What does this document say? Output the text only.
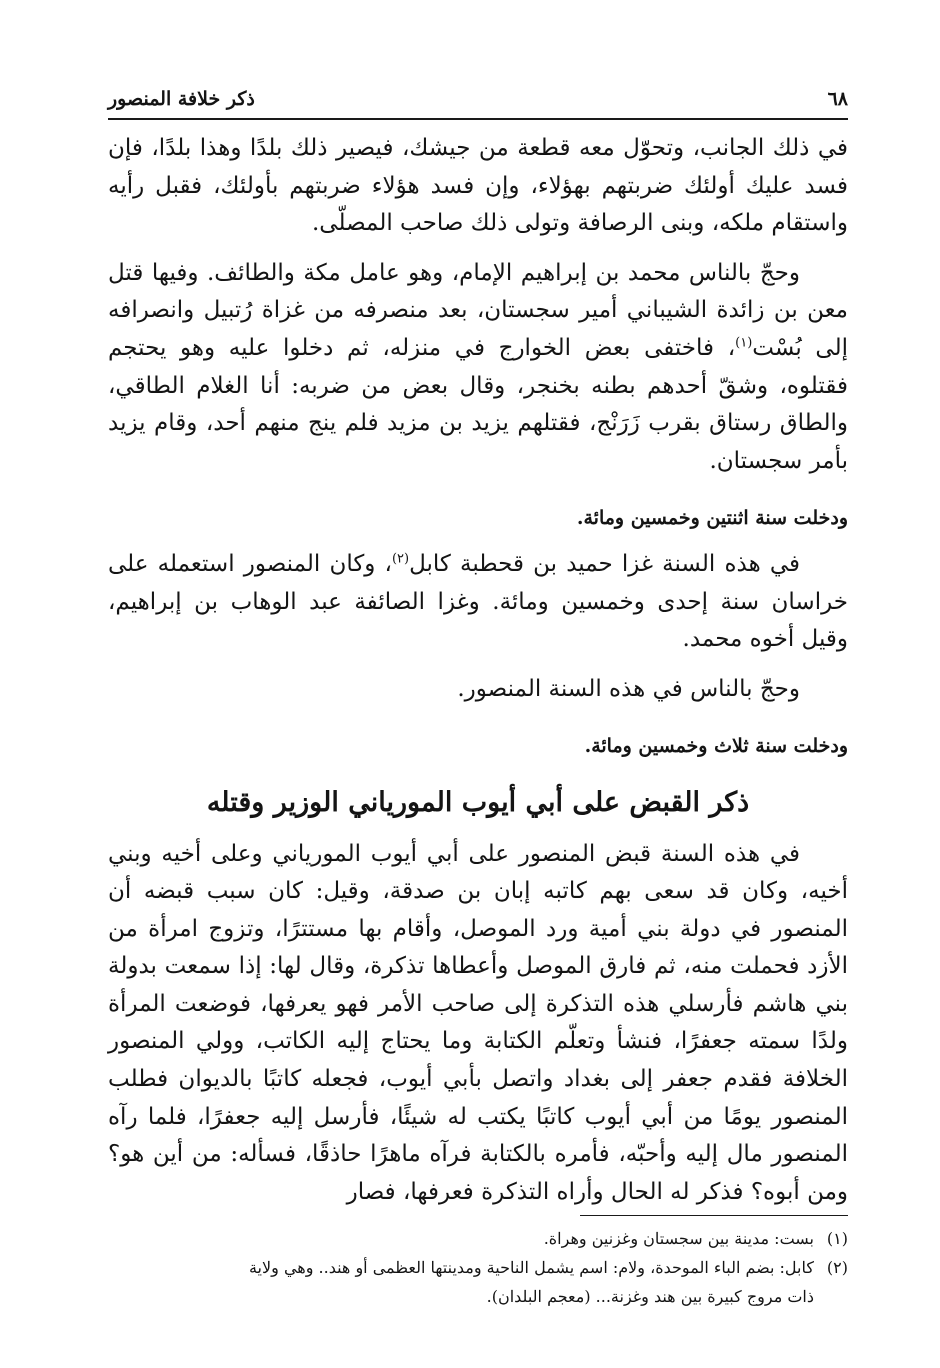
٦٨
ذكر خلافة المنصور

في ذلك الجانب، وتحوّل معه قطعة من جيشك، فيصير ذلك بلدًا وهذا بلدًا، فإن فسد عليك أولئك ضربتهم بهؤلاء، وإن فسد هؤلاء ضربتهم بأولئك، فقبل رأيه واستقام ملكه، وبنى الرصافة وتولى ذلك صاحب المصلّى.

وحجّ بالناس محمد بن إبراهيم الإمام، وهو عامل مكة والطائف. وفيها قتل معن بن زائدة الشيباني أمير سجستان، بعد منصرفه من غزاة رُتبيل وانصرافه إلى بُسْت$^{(١)}$، فاختفى بعض الخوارج في منزله، ثم دخلوا عليه وهو يحتجم فقتلوه، وشقّ أحدهم بطنه بخنجر، وقال بعض من ضربه: أنا الغلام الطاقي، والطاق رستاق بقرب زَرَنْج، فقتلهم يزيد بن مزيد فلم ينج منهم أحد، وقام يزيد بأمر سجستان.

ودخلت سنة اثنتين وخمسين ومائة.

في هذه السنة غزا حميد بن قحطبة كابل$^{(٢)}$، وكان المنصور استعمله على خراسان سنة إحدى وخمسين ومائة. وغزا الصائفة عبد الوهاب بن إبراهيم، وقيل أخوه محمد.

وحجّ بالناس في هذه السنة المنصور.

ودخلت سنة ثلاث وخمسين ومائة.

ذكر القبض على أبي أيوب المورياني الوزير وقتله

في هذه السنة قبض المنصور على أبي أيوب المورياني وعلى أخيه وبني أخيه، وكان قد سعى بهم كاتبه إبان بن صدقة، وقيل: كان سبب قبضه أن المنصور في دولة بني أمية ورد الموصل، وأقام بها مستترًا، وتزوج امرأة من الأزد فحملت منه، ثم فارق الموصل وأعطاها تذكرة، وقال لها: إذا سمعت بدولة بني هاشم فأرسلي هذه التذكرة إلى صاحب الأمر فهو يعرفها، فوضعت المرأة ولدًا سمته جعفرًا، فنشأ وتعلّم الكتابة وما يحتاج إليه الكاتب، وولي المنصور الخلافة فقدم جعفر إلى بغداد واتصل بأبي أيوب، فجعله كاتبًا بالديوان فطلب المنصور يومًا من أبي أيوب كاتبًا يكتب له شيئًا، فأرسل إليه جعفرًا، فلما رآه المنصور مال إليه وأحبّه، فأمره بالكتابة فرآه ماهرًا حاذقًا، فسأله: من أين هو؟ ومن أبوه؟ فذكر له الحال وأراه التذكرة فعرفها، فصار

(١)
بست: مدينة بين سجستان وغزنين وهراة.
(٢)
كابل: بضم الباء الموحدة، ولام: اسم يشمل الناحية ومدينتها العظمى أو هند.. وهي ولاية
ذات مروج كبيرة بين هند وغزنة... (معجم البلدان).
